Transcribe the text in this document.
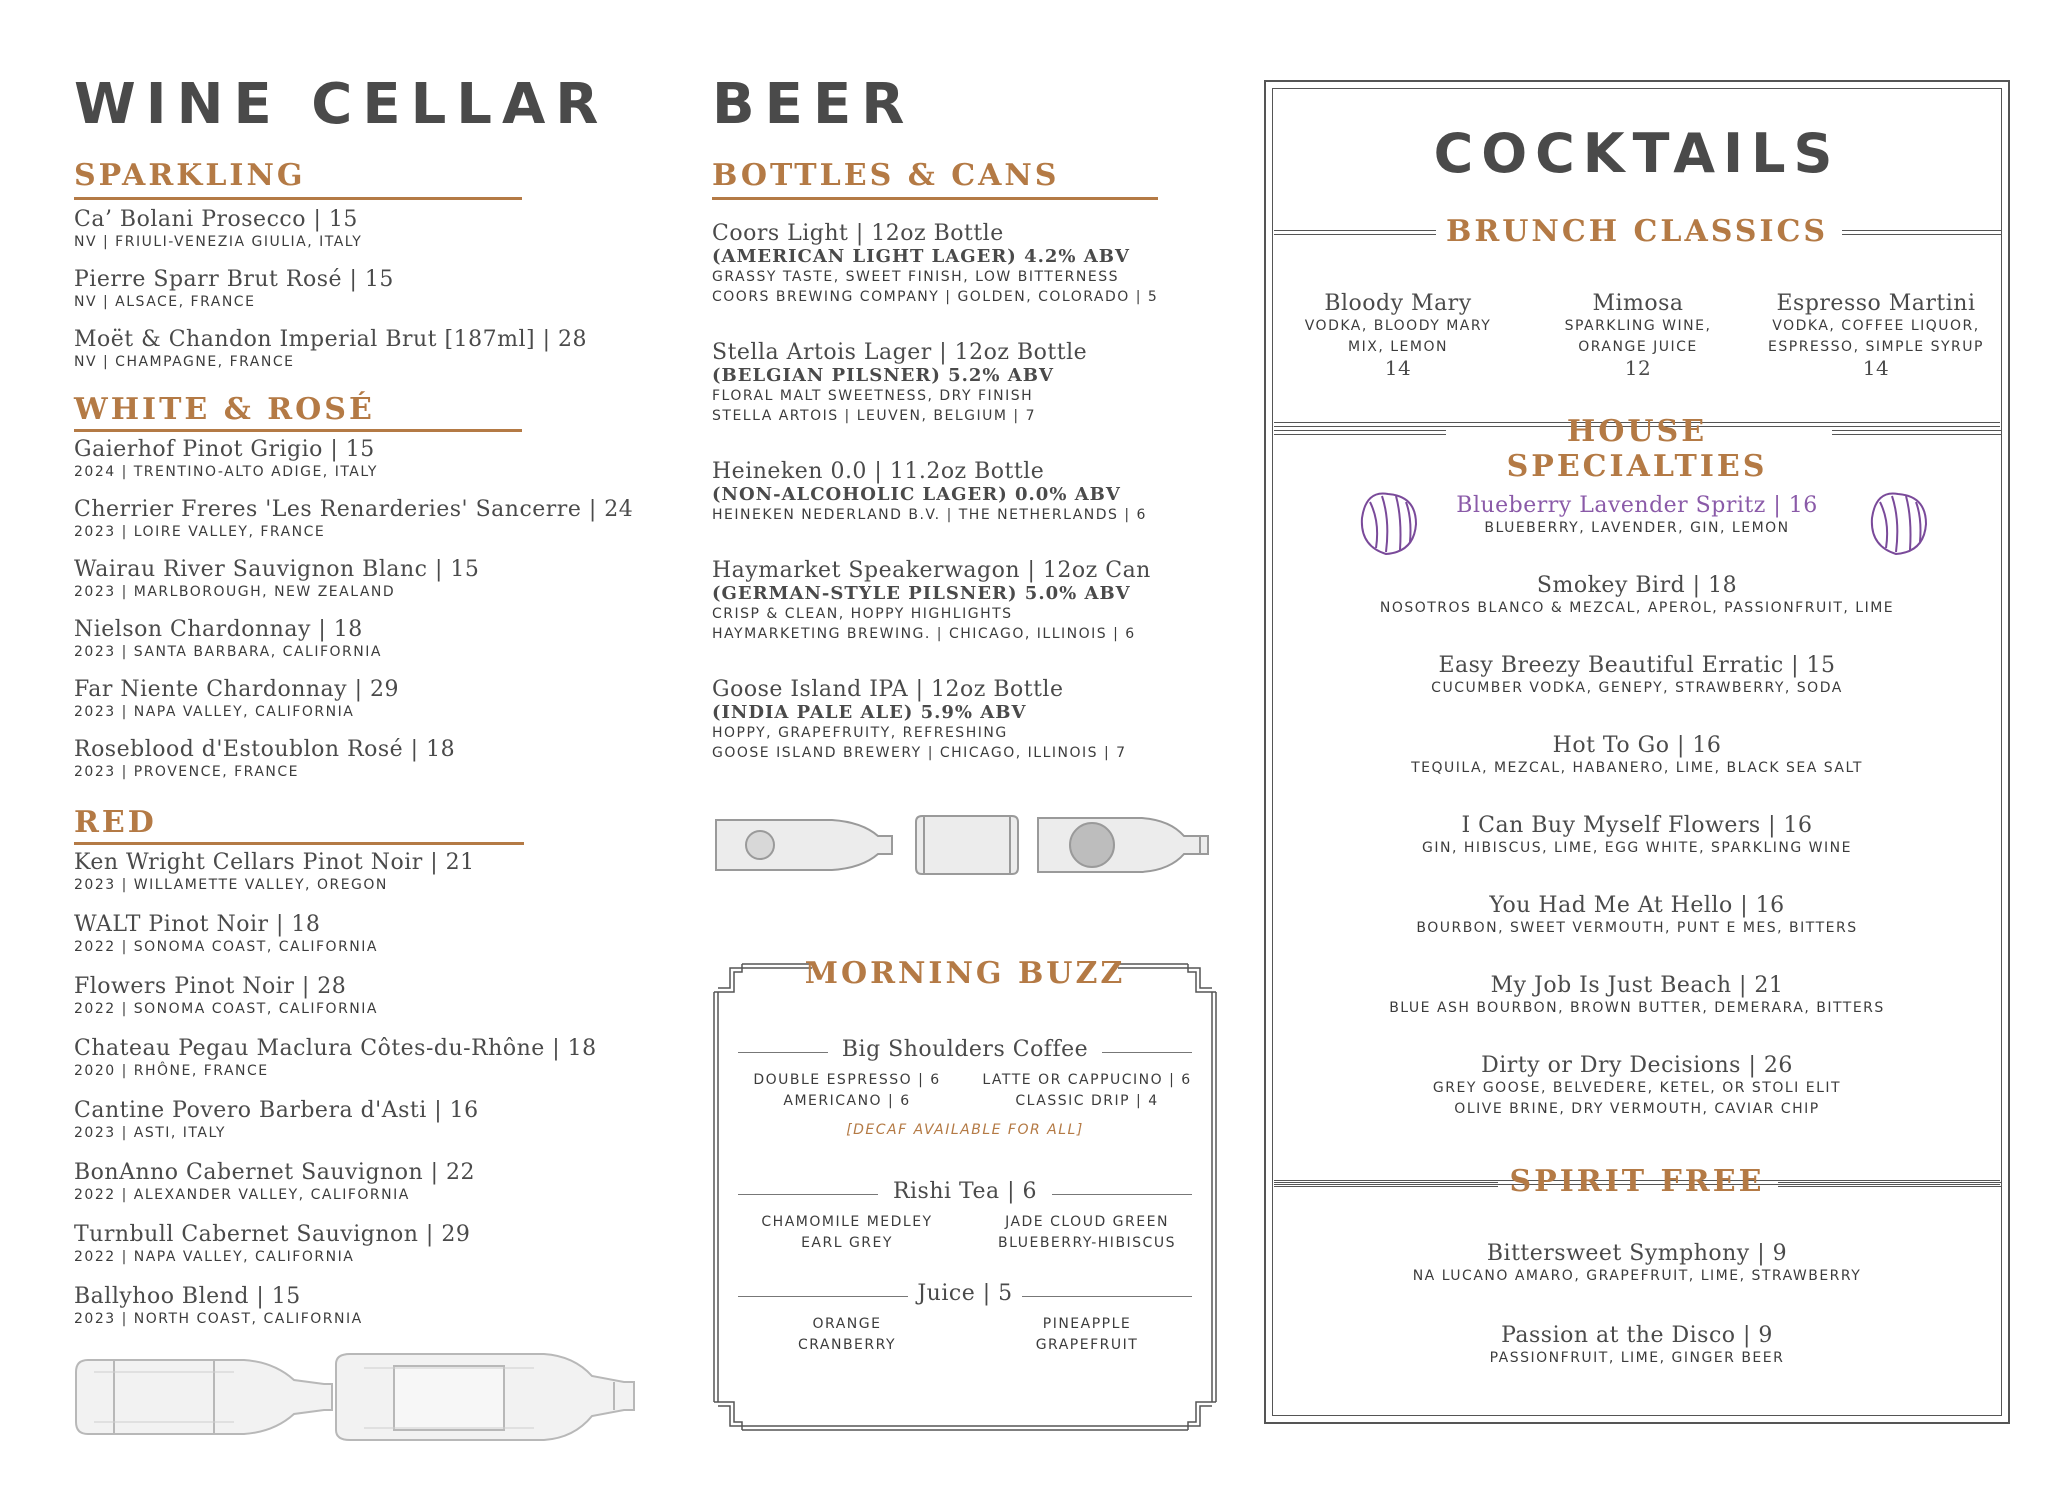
WINE CELLAR
SPARKLING
Ca’ Bolani Prosecco | 15
NV | FRIULI-VENEZIA GIULIA, ITALY
Pierre Sparr Brut Rosé | 15
NV | ALSACE, FRANCE
Moët & Chandon Imperial Brut [187ml] | 28
NV | CHAMPAGNE, FRANCE
WHITE & ROSÉ
Gaierhof Pinot Grigio | 15
2024 | TRENTINO-ALTO ADIGE, ITALY
Cherrier Freres 'Les Renarderies' Sancerre | 24
2023 | LOIRE VALLEY, FRANCE
Wairau River Sauvignon Blanc | 15
2023 | MARLBOROUGH, NEW ZEALAND
Nielson Chardonnay | 18
2023 | SANTA BARBARA, CALIFORNIA
Far Niente Chardonnay | 29
2023 | NAPA VALLEY, CALIFORNIA
Roseblood d'Estoublon Rosé | 18
2023 | PROVENCE, FRANCE
RED
Ken Wright Cellars Pinot Noir | 21
2023 | WILLAMETTE VALLEY, OREGON
WALT Pinot Noir | 18
2022 | SONOMA COAST, CALIFORNIA
Flowers Pinot Noir | 28
2022 | SONOMA COAST, CALIFORNIA
Chateau Pegau Maclura Côtes-du-Rhône | 18
2020 | RHÔNE, FRANCE
Cantine Povero Barbera d'Asti | 16
2023 | ASTI, ITALY
BonAnno Cabernet Sauvignon | 22
2022 | ALEXANDER VALLEY, CALIFORNIA
Turnbull Cabernet Sauvignon | 29
2022 | NAPA VALLEY, CALIFORNIA
Ballyhoo Blend | 15
2023 | NORTH COAST, CALIFORNIA
BEER
BOTTLES & CANS
Coors Light | 12oz Bottle
(AMERICAN LIGHT LAGER) 4.2% ABV
GRASSY TASTE, SWEET FINISH, LOW BITTERNESS
COORS BREWING COMPANY | GOLDEN, COLORADO | 5
Stella Artois Lager | 12oz Bottle
(BELGIAN PILSNER) 5.2% ABV
FLORAL MALT SWEETNESS, DRY FINISH
STELLA ARTOIS | LEUVEN, BELGIUM | 7
Heineken 0.0 | 11.2oz Bottle
(NON-ALCOHOLIC LAGER) 0.0% ABV
HEINEKEN NEDERLAND B.V. | THE NETHERLANDS | 6
Haymarket Speakerwagon | 12oz Can
(GERMAN-STYLE PILSNER) 5.0% ABV
CRISP & CLEAN, HOPPY HIGHLIGHTS
HAYMARKETING BREWING. | CHICAGO, ILLINOIS | 6
Goose Island IPA | 12oz Bottle
(INDIA PALE ALE) 5.9% ABV
HOPPY, GRAPEFRUITY, REFRESHING
GOOSE ISLAND BREWERY | CHICAGO, ILLINOIS | 7
MORNING BUZZ
Big Shoulders Coffee
DOUBLE ESPRESSO | 6
AMERICANO | 6
LATTE OR CAPPUCINO | 6
CLASSIC DRIP | 4
[DECAF AVAILABLE FOR ALL]
Rishi Tea | 6
CHAMOMILE MEDLEY
EARL GREY
JADE CLOUD GREEN
BLUEBERRY-HIBISCUS
Juice | 5
ORANGE
CRANBERRY
PINEAPPLE
GRAPEFRUIT
COCKTAILS
BRUNCH CLASSICS
Bloody Mary
VODKA, BLOODY MARY
MIX, LEMON
14
Mimosa
SPARKLING WINE,
ORANGE JUICE
12
Espresso Martini
VODKA, COFFEE LIQUOR,
ESPRESSO, SIMPLE SYRUP
14
HOUSE SPECIALTIES
Blueberry Lavender Spritz | 16
BLUEBERRY, LAVENDER, GIN, LEMON
Smokey Bird | 18
NOSOTROS BLANCO & MEZCAL, APEROL, PASSIONFRUIT, LIME
Easy Breezy Beautiful Erratic | 15
CUCUMBER VODKA, GENEPY, STRAWBERRY, SODA
Hot To Go | 16
TEQUILA, MEZCAL, HABANERO, LIME, BLACK SEA SALT
I Can Buy Myself Flowers | 16
GIN, HIBISCUS, LIME, EGG WHITE, SPARKLING WINE
You Had Me At Hello | 16
BOURBON, SWEET VERMOUTH, PUNT E MES, BITTERS
My Job Is Just Beach | 21
BLUE ASH BOURBON, BROWN BUTTER, DEMERARA, BITTERS
Dirty or Dry Decisions | 26
GREY GOOSE, BELVEDERE, KETEL, OR STOLI ELIT
OLIVE BRINE, DRY VERMOUTH, CAVIAR CHIP
SPIRIT FREE
Bittersweet Symphony | 9
NA LUCANO AMARO, GRAPEFRUIT, LIME, STRAWBERRY
Passion at the Disco | 9
PASSIONFRUIT, LIME, GINGER BEER
